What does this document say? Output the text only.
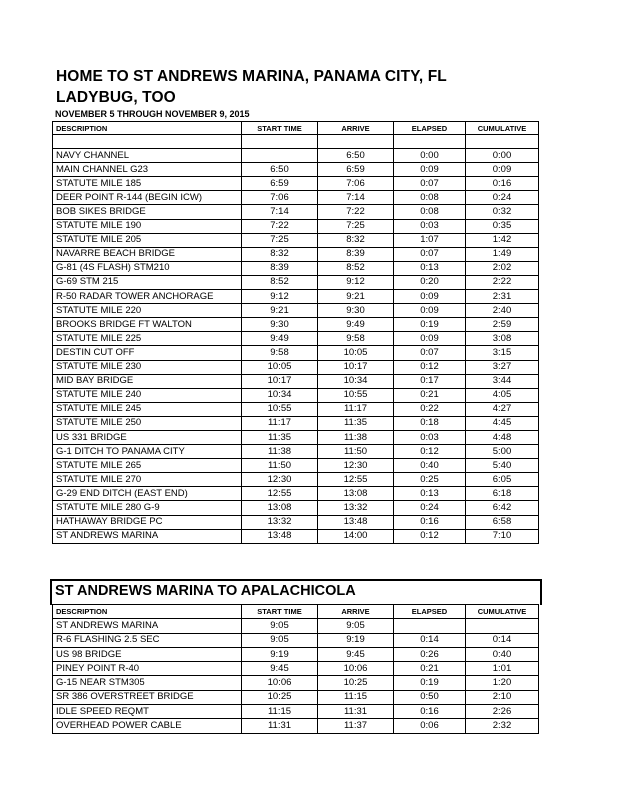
HOME TO ST ANDREWS MARINA, PANAMA CITY, FL
LADYBUG, TOO
NOVEMBER 5 THROUGH NOVEMBER 9, 2015
DESCRIPTION	START TIME	ARRIVE	ELAPSED	CUMULATIVE

NAVY CHANNEL		6:50	0:00	0:00
MAIN CHANNEL G23	6:50	6:59	0:09	0:09
STATUTE MILE 185	6:59	7:06	0:07	0:16
DEER POINT R-144 (BEGIN ICW)	7:06	7:14	0:08	0:24
BOB SIKES BRIDGE	7:14	7:22	0:08	0:32
STATUTE MILE 190	7:22	7:25	0:03	0:35
STATUTE MILE 205	7:25	8:32	1:07	1:42
NAVARRE BEACH BRIDGE	8:32	8:39	0:07	1:49
G-81 (4S FLASH) STM210	8:39	8:52	0:13	2:02
G-69 STM 215	8:52	9:12	0:20	2:22
R-50 RADAR TOWER ANCHORAGE	9:12	9:21	0:09	2:31
STATUTE MILE 220	9:21	9:30	0:09	2:40
BROOKS BRIDGE FT WALTON	9:30	9:49	0:19	2:59
STATUTE MILE 225	9:49	9:58	0:09	3:08
DESTIN CUT OFF	9:58	10:05	0:07	3:15
STATUTE MILE 230	10:05	10:17	0:12	3:27
MID BAY BRIDGE	10:17	10:34	0:17	3:44
STATUTE MILE 240	10:34	10:55	0:21	4:05
STATUTE MILE 245	10:55	11:17	0:22	4:27
STATUTE MILE 250	11:17	11:35	0:18	4:45
US 331 BRIDGE	11:35	11:38	0:03	4:48
G-1 DITCH TO PANAMA CITY	11:38	11:50	0:12	5:00
STATUTE MILE 265	11:50	12:30	0:40	5:40
STATUTE MILE 270	12:30	12:55	0:25	6:05
G-29 END DITCH (EAST END)	12:55	13:08	0:13	6:18
STATUTE MILE 280 G-9	13:08	13:32	0:24	6:42
HATHAWAY BRIDGE PC	13:32	13:48	0:16	6:58
ST ANDREWS MARINA	13:48	14:00	0:12	7:10
ST ANDREWS MARINA TO APALACHICOLA
DESCRIPTION	START TIME	ARRIVE	ELAPSED	CUMULATIVE
ST ANDREWS MARINA	9:05	9:05		
R-6 FLASHING 2.5 SEC	9:05	9:19	0:14	0:14
US 98 BRIDGE	9:19	9:45	0:26	0:40
PINEY POINT R-40	9:45	10:06	0:21	1:01
G-15 NEAR STM305	10:06	10:25	0:19	1:20
SR 386 OVERSTREET BRIDGE	10:25	11:15	0:50	2:10
IDLE SPEED REQMT	11:15	11:31	0:16	2:26
OVERHEAD POWER CABLE	11:31	11:37	0:06	2:32
